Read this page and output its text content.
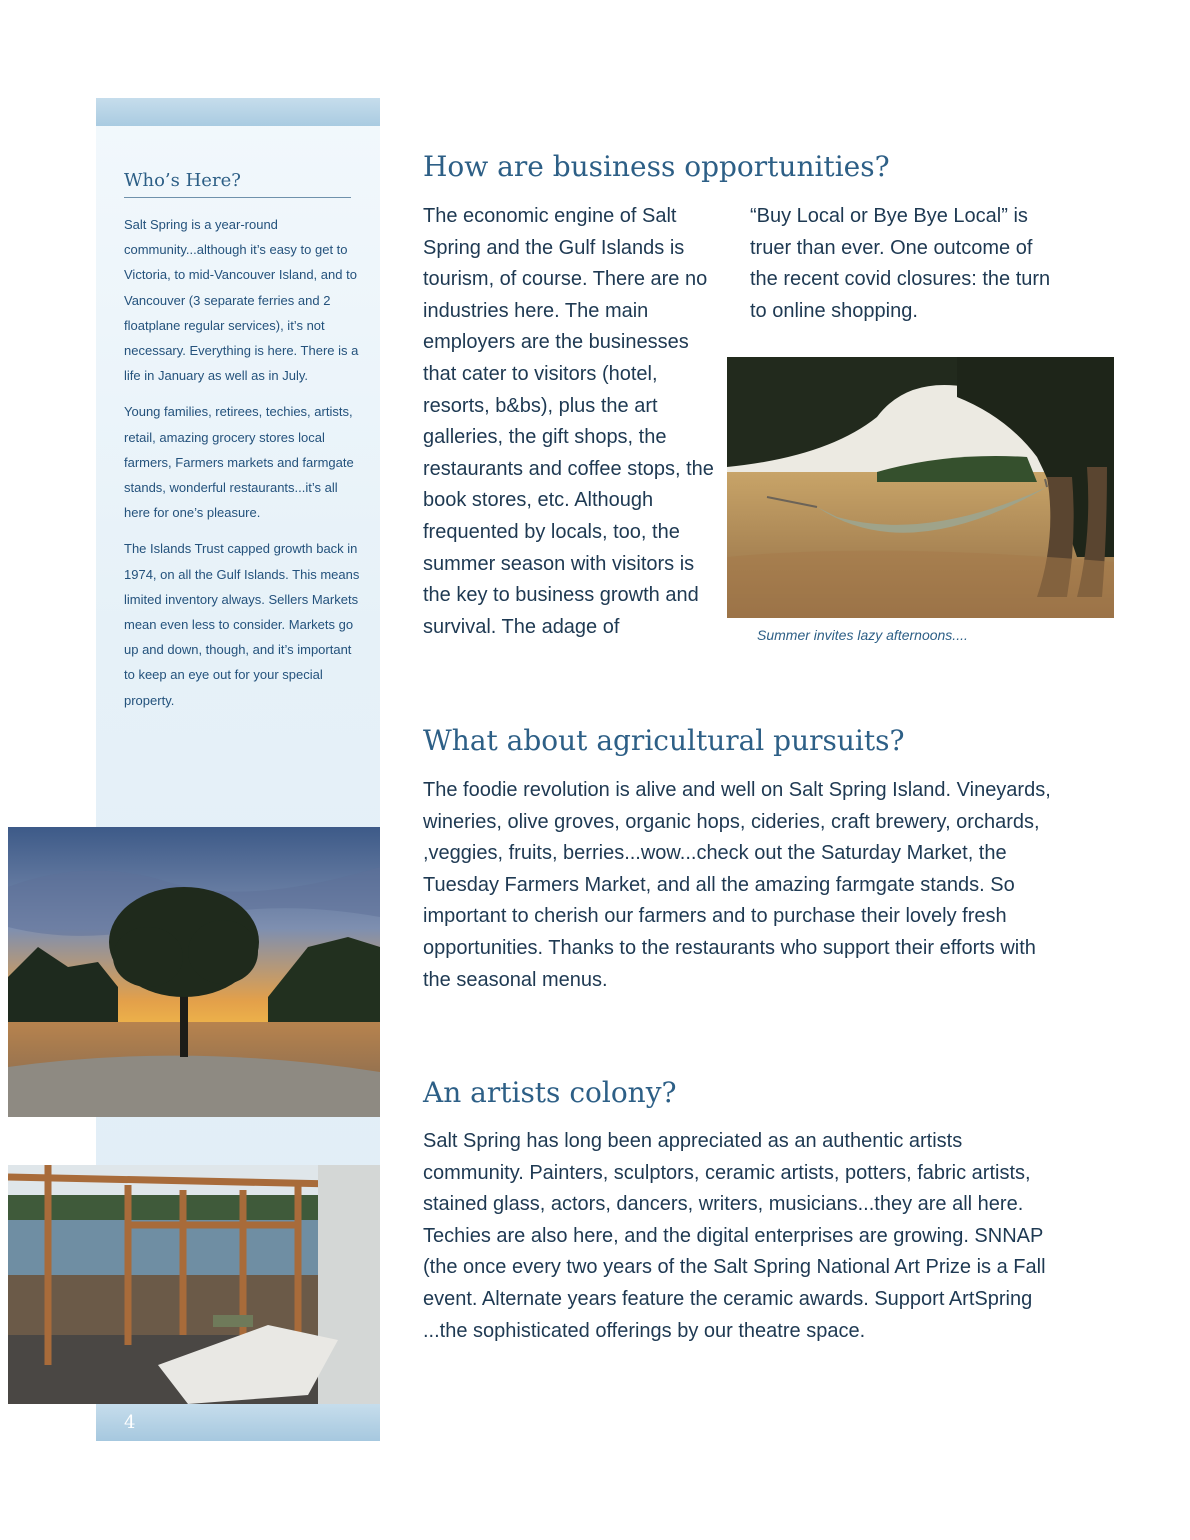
Who’s Here?

Salt Spring is a year-round community...although it’s easy to get to Victoria, to mid-Vancouver Island, and to Vancouver (3 separate ferries and 2 floatplane regular services), it’s not necessary. Everything is here. There is a life in January as well as in July.

Young families, retirees, techies, artists, retail, amazing grocery stores local farmers, Farmers markets and farmgate stands, wonderful restaurants...it’s all here for one’s pleasure.

The Islands Trust capped growth back in 1974, on all the Gulf Islands. This means limited inventory always. Sellers Markets mean even less to consider. Markets go up and down, though, and it’s important to keep an eye out for your special property.

4
How are business opportunities?

The economic engine of Salt Spring and the Gulf Islands is tourism, of course. There are no industries here. The main employers are the businesses that cater to visitors (hotel, resorts, b&bs), plus the art galleries, the gift shops, the restaurants and coffee stops, the book stores, etc. Although frequented by locals, too, the summer season with visitors is the key to business growth and survival. The adage of

“Buy Local or Bye Bye Local” is truer than ever. One outcome of the recent covid closures: the turn to online shopping.

Summer invites lazy afternoons....
What about agricultural pursuits?

The foodie revolution is alive and well on Salt Spring Island. Vineyards, wineries, olive groves, organic hops, cideries, craft brewery, orchards, ,veggies, fruits, berries...wow...check out the Saturday Market, the Tuesday Farmers Market, and all the amazing farmgate stands. So important to cherish our farmers and to purchase their lovely fresh opportunities. Thanks to the restaurants who support their efforts with the seasonal menus.

An artists colony?

Salt Spring has long been appreciated as an authentic artists community. Painters, sculptors, ceramic artists, potters, fabric artists, stained glass, actors, dancers, writers, musicians...they are all here. Techies are also here, and the digital enterprises are growing. SNNAP (the once every two years of the Salt Spring National Art Prize is a Fall event. Alternate years feature the ceramic awards. Support ArtSpring ...the sophisticated offerings by our theatre space.
